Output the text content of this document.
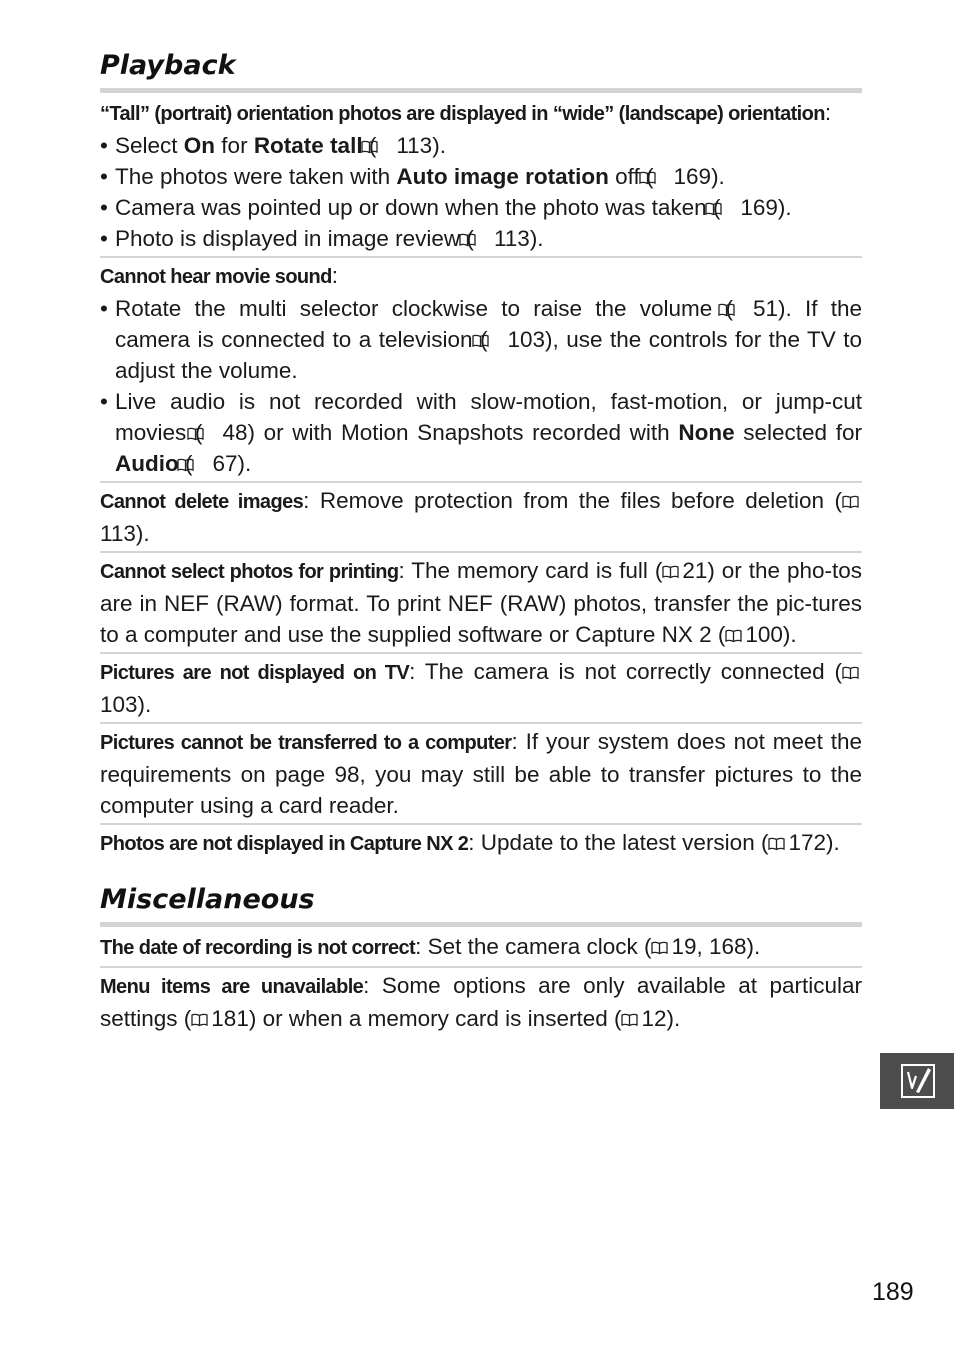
Playback
“Tall” (portrait) orientation photos are displayed in “wide” (landscape) orientation:
• Select On for Rotate tall ( 113).
• The photos were taken with Auto image rotation off ( 169).
• Camera was pointed up or down when the photo was taken ( 169).
• Photo is displayed in image review ( 113).
Cannot hear movie sound:
• Rotate the multi selector clockwise to raise the volume ( 51). If the camera is connected to a television ( 103), use the controls for the TV to adjust the volume.
• Live audio is not recorded with slow-motion, fast-motion, or jump-cut movies ( 48) or with Motion Snapshots recorded with None selected for Audio ( 67).
Cannot delete images: Remove protection from the files before deletion (113).
Cannot select photos for printing: The memory card is full ( 21) or the pho-tos are in NEF (RAW) format. To print NEF (RAW) photos, transfer the pic-tures to a computer and use the supplied software or Capture NX 2 ( 100).
Pictures are not displayed on TV: The camera is not correctly connected (103).
Pictures cannot be transferred to a computer: If your system does not meet the requirements on page 98, you may still be able to transfer pictures to the computer using a card reader.
Photos are not displayed in Capture NX 2: Update to the latest version ( 172).
Miscellaneous
The date of recording is not correct: Set the camera clock ( 19, 168).
Menu items are unavailable: Some options are only available at particular settings ( 181) or when a memory card is inserted ( 12).
189
